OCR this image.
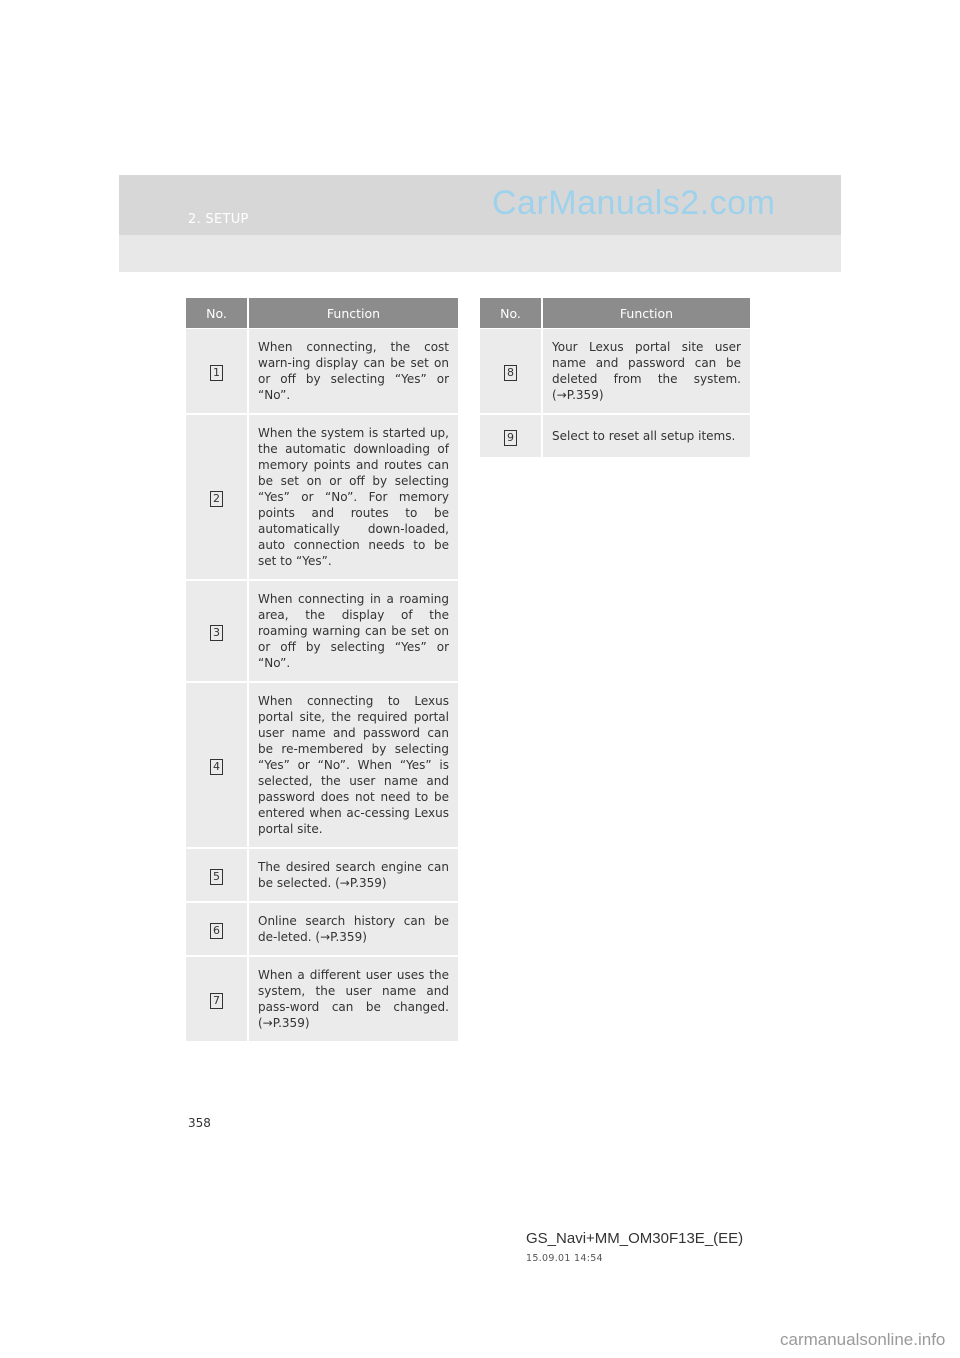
2. SETUP	CarManuals2.com
No.	Function
1	When connecting, the cost warn-ing display can be set on or off by selecting “Yes” or “No”.
2	When the system is started up, the automatic downloading of memory points and routes can be set on or off by selecting “Yes” or “No”. For memory points and routes to be automatically down-loaded, auto connection needs to be set to “Yes”.
3	When connecting in a roaming area, the display of the roaming warning can be set on or off by selecting “Yes” or “No”.
4	When connecting to Lexus portal site, the required portal user name and password can be re-membered by selecting “Yes” or “No”. When “Yes” is selected, the user name and password does not need to be entered when ac-cessing Lexus portal site.
5	The desired search engine can be selected. (→P.359)
6	Online search history can be de-leted. (→P.359)
7	When a different user uses the system, the user name and pass-word can be changed. (→P.359)
No.	Function
8	Your Lexus portal site user name and password can be deleted from the system. (→P.359)
9	Select to reset all setup items.
358
GS_Navi+MM_OM30F13E_(EE)
15.09.01 14:54
carmanualsonline.info
